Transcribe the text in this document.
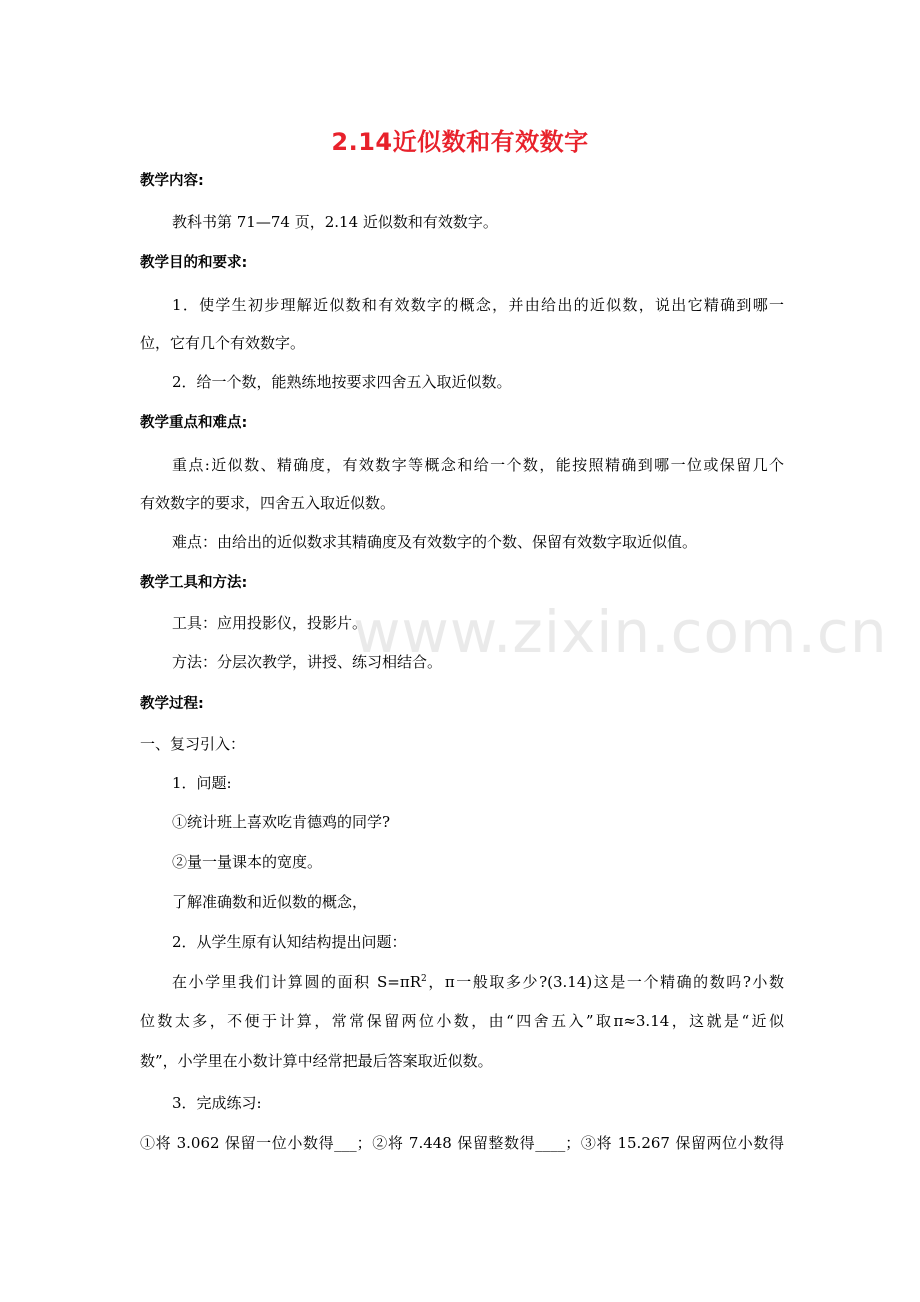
www.zixin.com.cn
2.14近似数和有效数字
教学内容:
教科书第 71—74 页，2.14 近似数和有效数字。
教学目的和要求:
1．使学生初步理解近似数和有效数字的概念，并由给出的近似数，说出它精确到哪一
位，它有几个有效数字。
2．给一个数，能熟练地按要求四舍五入取近似数。
教学重点和难点:
重点:近似数、精确度，有效数字等概念和给一个数，能按照精确到哪一位或保留几个
有效数字的要求，四舍五入取近似数。
难点：由给出的近似数求其精确度及有效数字的个数、保留有效数字取近似值。
教学工具和方法:
工具：应用投影仪，投影片。
方法：分层次教学，讲授、练习相结合。
教学过程:
一、复习引入：
1．问题:
①统计班上喜欢吃肯德鸡的同学?
②量一量课本的宽度。
了解准确数和近似数的概念，
2．从学生原有认知结构提出问题：
在小学里我们计算圆的面积 $S=\pi R^2$，π一般取多少?(3.14)这是一个精确的数吗?小数
位数太多，不便于计算，常常保留两位小数，由“四舍五入”取π≈3.14，这就是“近似
数”，小学里在小数计算中经常把最后答案取近似数。
3．完成练习:
①将 3.062 保留一位小数得___；②将 7.448 保留整数得____；③将 15.267 保留两位小数得
